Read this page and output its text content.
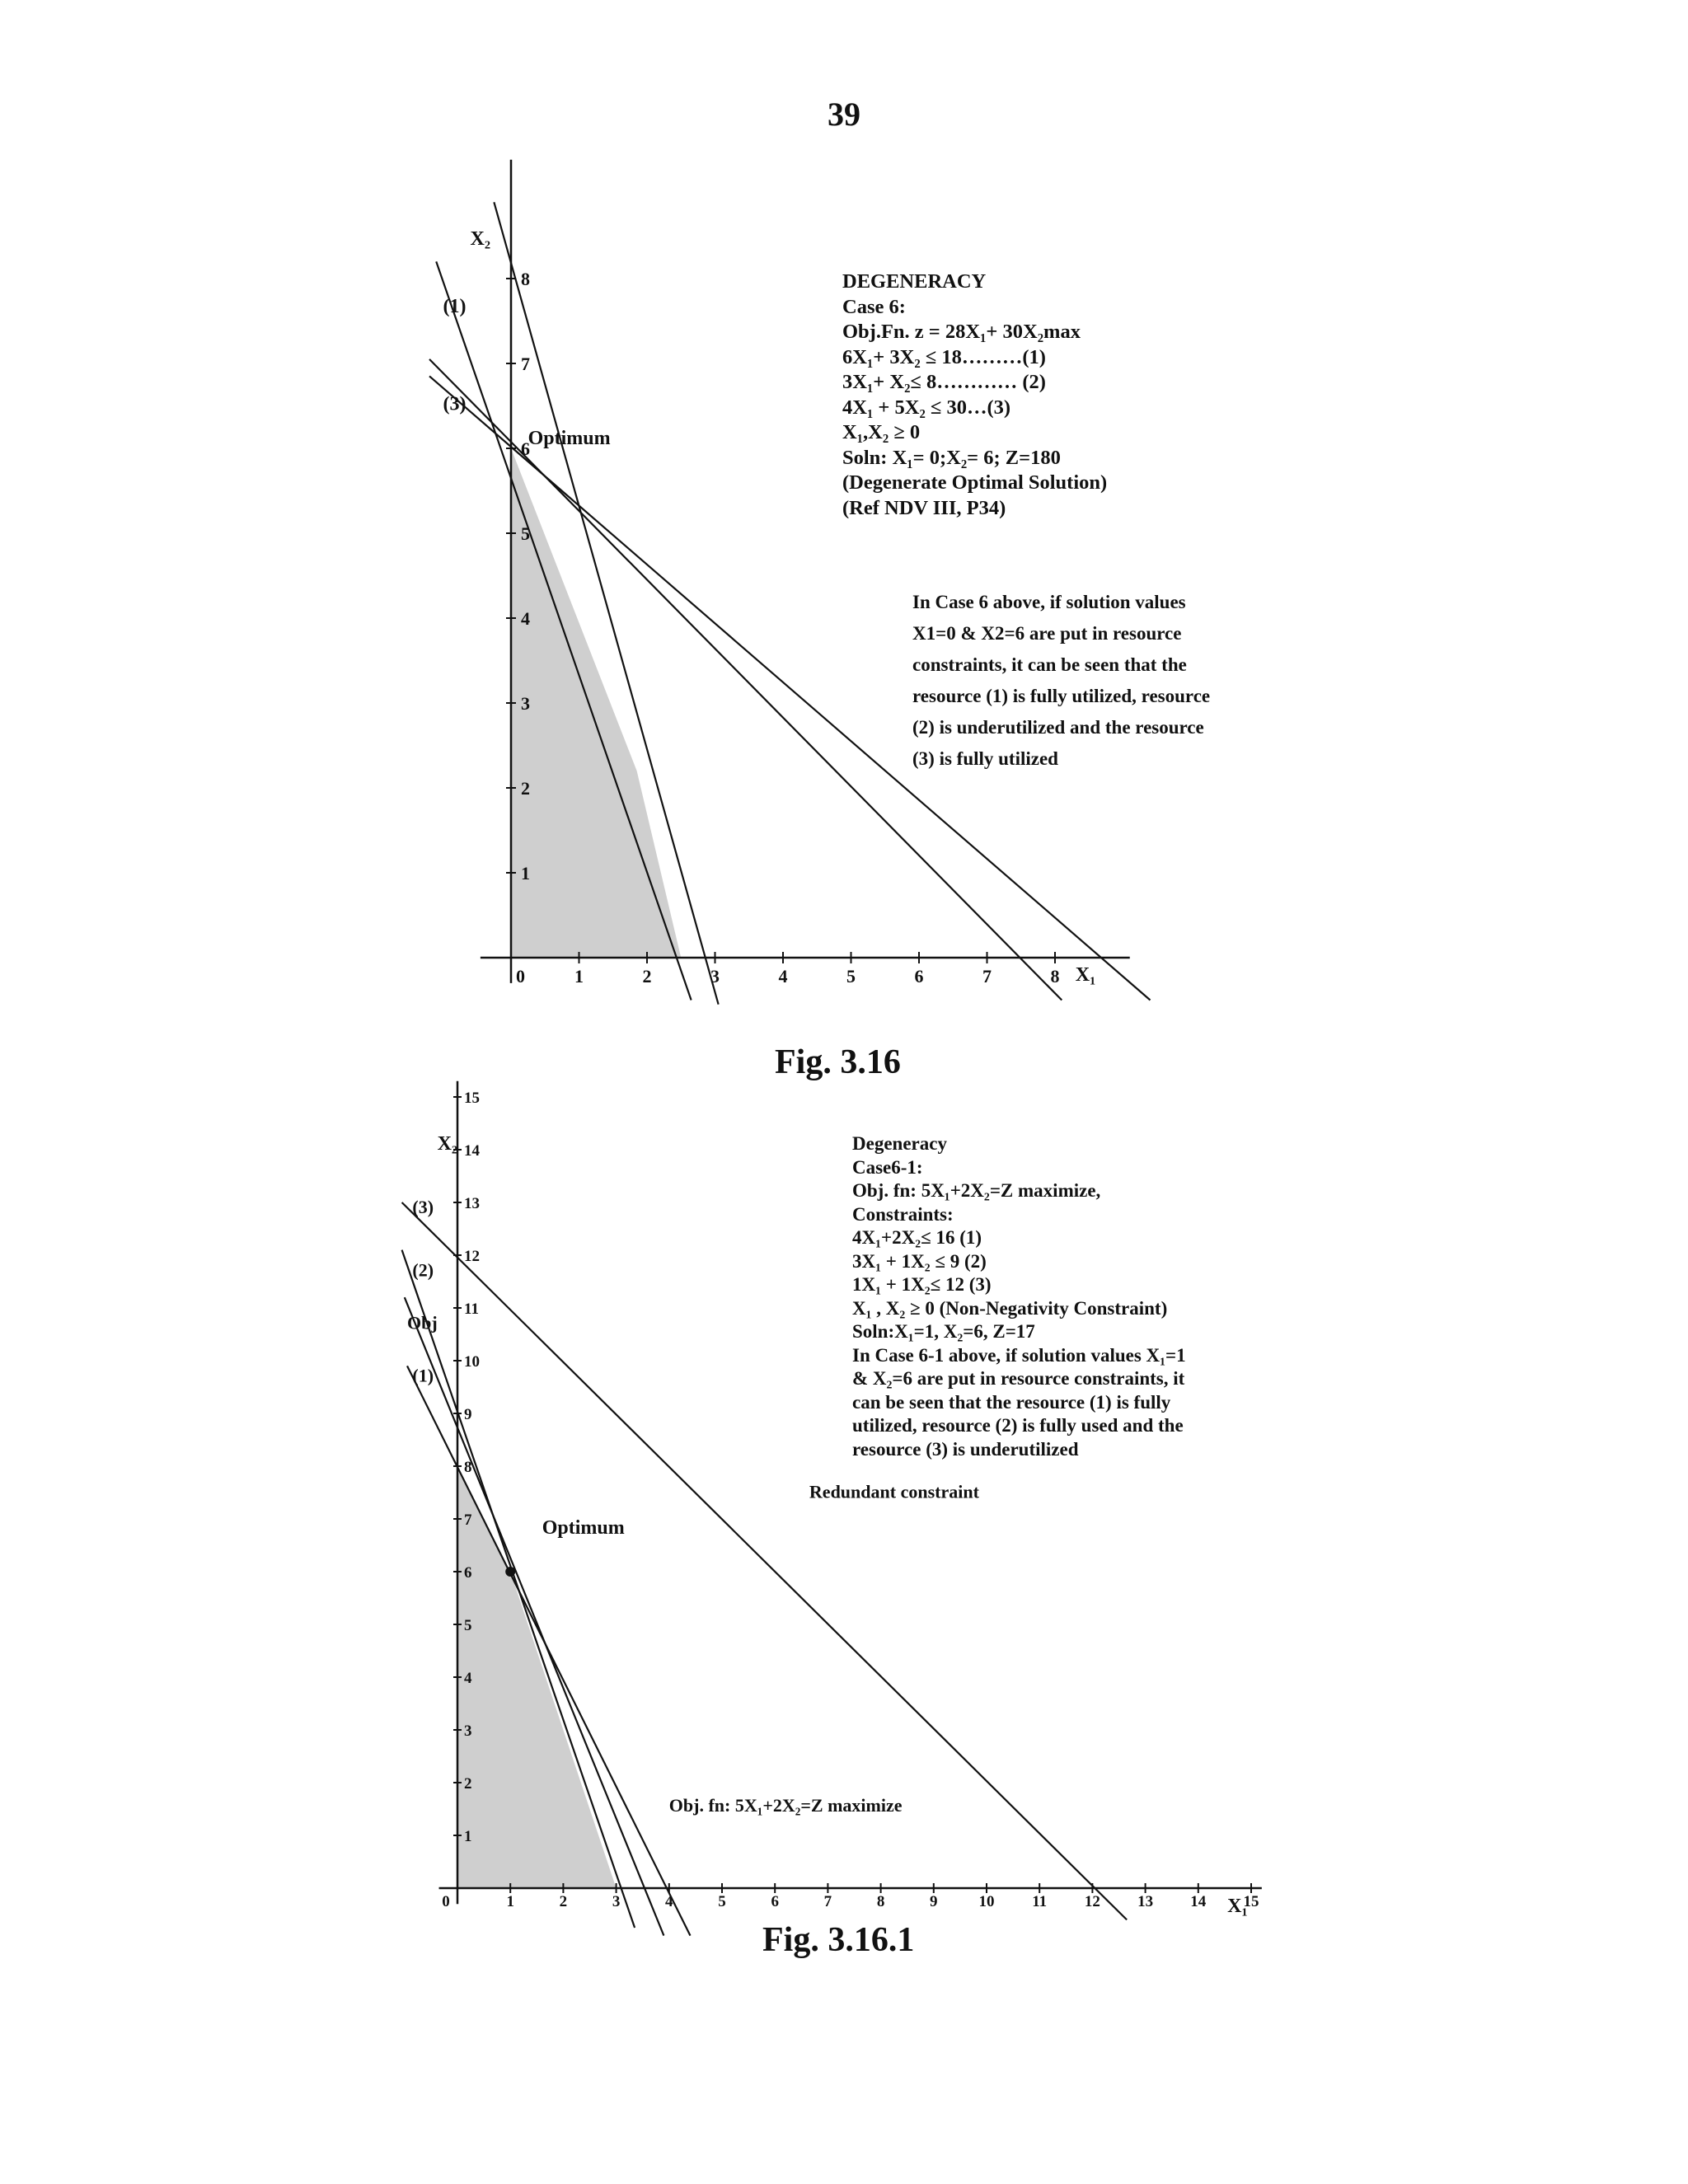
39
0	1	2	3	4	5	6	7	8
1
2
3
4
5
6
7
8
X₁
X₂
(1)
(3)
Optimum
DEGENERACY
Case 6:
Obj.Fn. z = 28X₁+ 30X₂max
6X₁+ 3X₂ ≤ 18………(1)
3X₁+ X₂≤ 8………… (2)
4X₁ + 5X₂ ≤ 30…(3)
X₁,X₂ ≥ 0
Soln: X₁= 0;X₂= 6; Z=180
(Degenerate Optimal Solution)
(Ref NDV III, P34)
In Case 6 above, if solution values
X1=0 & X2=6 are put in resource
constraints, it can be seen that the
resource (1) is fully utilized, resource
(2) is underutilized and the resource
(3) is fully utilized
Fig. 3.16
0	1	2	3	4	5	6	7	8	9	10 11 12 13 14 15
1
2
3
4
5
6
7
8
9
10
11
12
13
14
15
X₁
X₂
(3)
(2)
Obj
(1)
Optimum
Redundant constraint
Obj. fn: 5X₁+2X₂=Z maximize
Degeneracy
Case6-1:
Obj. fn: 5X₁+2X₂=Z maximize,
Constraints:
4X₁+2X₂≤ 16 (1)
3X₁ + 1X₂ ≤ 9 (2)
1X₁ + 1X₂≤ 12 (3)
X₁ , X₂ ≥ 0 (Non-Negativity Constraint)
Soln:X₁=1, X₂=6, Z=17
In Case 6-1 above, if solution values X₁=1
& X₂=6 are put in resource constraints, it
can be seen that the resource (1) is fully
utilized, resource (2) is fully used and the
resource (3) is underutilized
Fig. 3.16.1
